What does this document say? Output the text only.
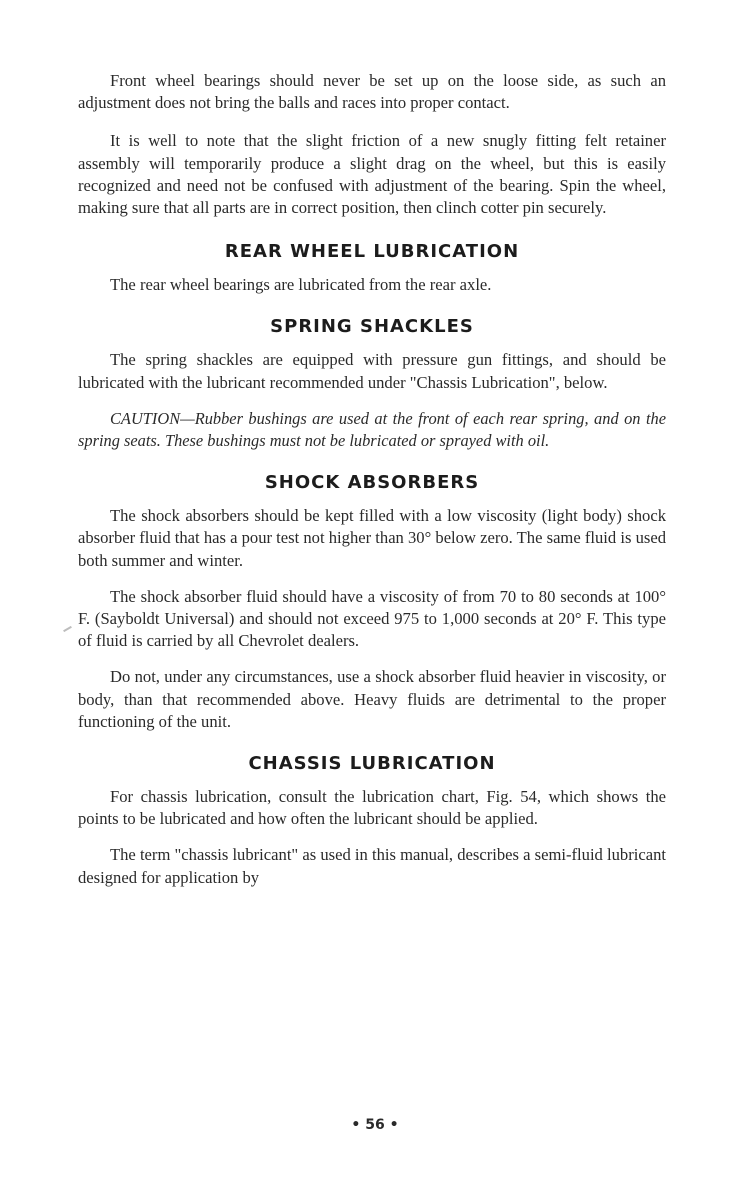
Front wheel bearings should never be set up on the loose side, as such an adjustment does not bring the balls and races into proper contact.

It is well to note that the slight friction of a new snugly fitting felt retainer assembly will temporarily produce a slight drag on the wheel, but this is easily recognized and need not be confused with adjustment of the bearing. Spin the wheel, making sure that all parts are in correct position, then clinch cotter pin securely.

REAR WHEEL LUBRICATION

The rear wheel bearings are lubricated from the rear axle.

SPRING SHACKLES

The spring shackles are equipped with pressure gun fittings, and should be lubricated with the lubricant recommended under "Chassis Lubrication", below.

CAUTION—Rubber bushings are used at the front of each rear spring, and on the spring seats. These bushings must not be lubricated or sprayed with oil.

SHOCK ABSORBERS

The shock absorbers should be kept filled with a low viscosity (light body) shock absorber fluid that has a pour test not higher than 30° below zero. The same fluid is used both summer and winter.

The shock absorber fluid should have a viscosity of from 70 to 80 seconds at 100° F. (Sayboldt Universal) and should not exceed 975 to 1,000 seconds at 20° F. This type of fluid is carried by all Chevrolet dealers.

Do not, under any circumstances, use a shock absorber fluid heavier in viscosity, or body, than that recommended above. Heavy fluids are detrimental to the proper functioning of the unit.

CHASSIS LUBRICATION

For chassis lubrication, consult the lubrication chart, Fig. 54, which shows the points to be lubricated and how often the lubricant should be applied.

The term "chassis lubricant" as used in this manual, describes a semi-fluid lubricant designed for application by

• 56 •
